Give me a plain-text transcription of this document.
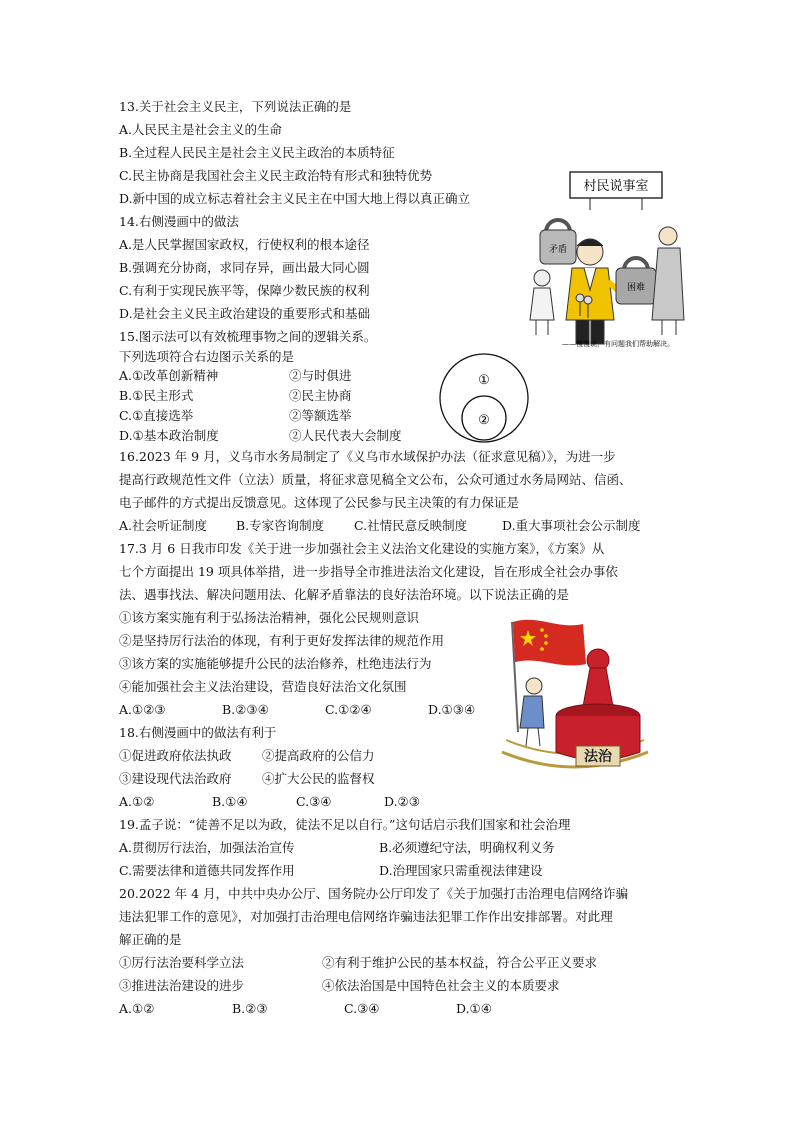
13.关于社会主义民主，下列说法正确的是
A.人民民主是社会主义的生命
B.全过程人民民主是社会主义民主政治的本质特征
C.民主协商是我国社会主义民主政治特有形式和独特优势
D.新中国的成立标志着社会主义民主在中国大地上得以真正确立
14.右侧漫画中的做法
A.是人民掌握国家政权，行使权利的根本途径
B.强调充分协商，求同存异，画出最大同心圆
C.有利于实现民族平等，保障少数民族的权利
D.是社会主义民主政治建设的重要形式和基础
村民说事室
矛盾
困难
——慢慢说，有问题我们帮助解决。
15.图示法可以有效梳理事物之间的逻辑关系。
下列选项符合右边图示关系的是
A.①改革创新精神	②与时俱进
B.①民主形式	②民主协商
C.①直接选举	②等额选举
D.①基本政治制度	②人民代表大会制度
①
②
16.2023 年 9 月，义乌市水务局制定了《义乌市水域保护办法（征求意见稿）》，为进一步
提高行政规范性文件（立法）质量，将征求意见稿全文公布，公众可通过水务局网站、信函、
电子邮件的方式提出反馈意见。这体现了公民参与民主决策的有力保证是
A.社会听证制度 B.专家咨询制度 C.社情民意反映制度	D.重大事项社会公示制度
17.3 月 6 日我市印发《关于进一步加强社会主义法治文化建设的实施方案》，《方案》从
七个方面提出 19 项具体举措，进一步指导全市推进法治文化建设，旨在形成全社会办事依
法、遇事找法、解决问题用法、化解矛盾靠法的良好法治环境。以下说法正确的是
①该方案实施有利于弘扬法治精神，强化公民规则意识
②是坚持厉行法治的体现，有利于更好发挥法律的规范作用
③该方案的实施能够提升公民的法治修养，杜绝违法行为
④能加强社会主义法治建设，营造良好法治文化氛围
A.①②③	B.②③④	C.①②④	D.①③④
法治
18.右侧漫画中的做法有利于
①促进政府依法执政 ②提高政府的公信力
③建设现代法治政府 ④扩大公民的监督权
A.①②	B.①④	C.③④	D.②③
19.孟子说：“徒善不足以为政，徒法不足以自行。”这句话启示我们国家和社会治理
A.贯彻厉行法治，加强法治宣传	B.必须遵纪守法，明确权利义务
C.需要法律和道德共同发挥作用	D.治理国家只需重视法律建设
20.2022 年 4 月，中共中央办公厅、国务院办公厅印发了《关于加强打击治理电信网络诈骗
违法犯罪工作的意见》，对加强打击治理电信网络诈骗违法犯罪工作作出安排部署。对此理
解正确的是
①厉行法治要科学立法	②有利于维护公民的基本权益，符合公平正义要求
③推进法治建设的进步	④依法治国是中国特色社会主义的本质要求
A.①②	B.②③	C.③④	D.①④
